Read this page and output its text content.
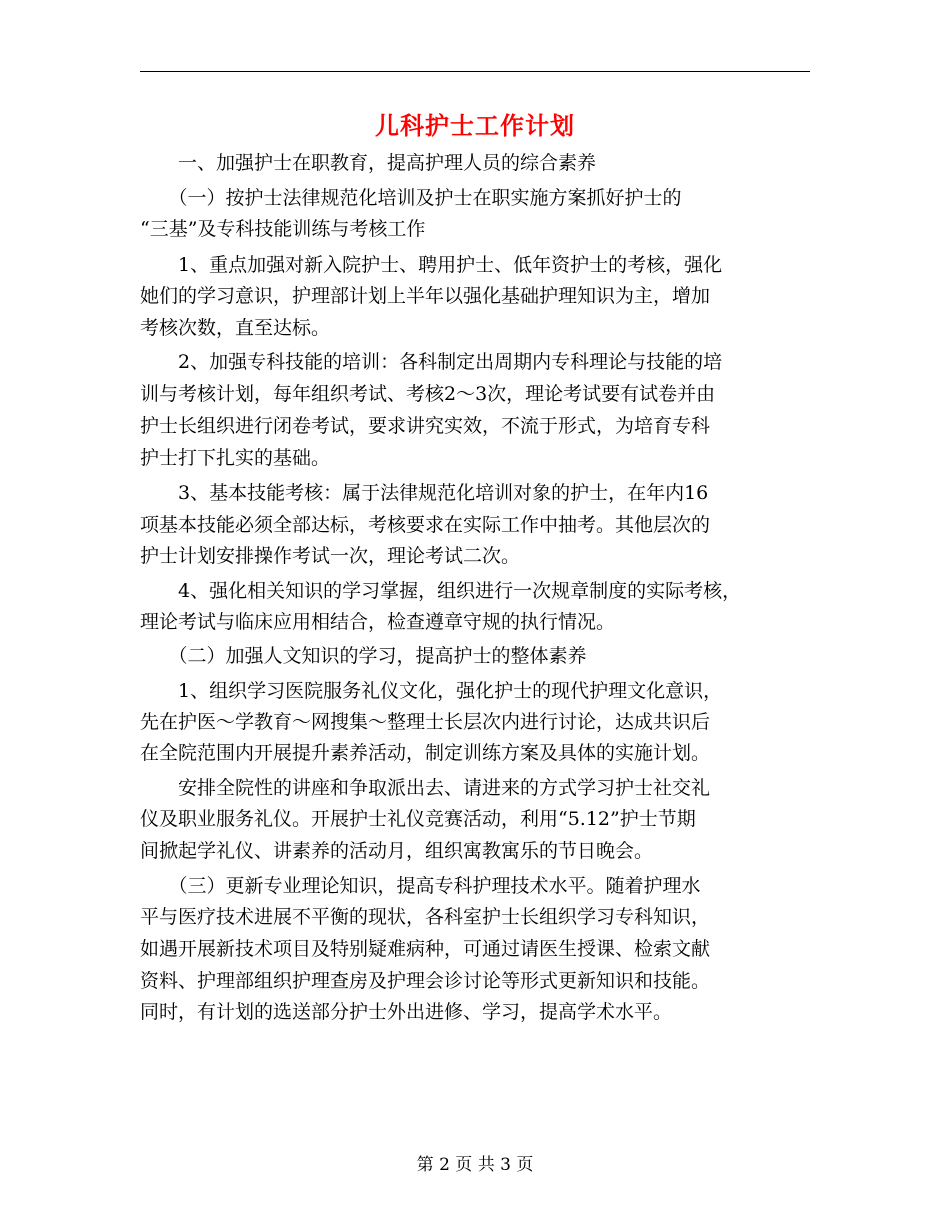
儿科护士工作计划
　　一、加强护士在职教育，提高护理人员的综合素养
　　（一）按护士法律规范化培训及护士在职实施方案抓好护士的
“三基”及专科技能训练与考核工作
　　1、重点加强对新入院护士、聘用护士、低年资护士的考核，强化
她们的学习意识，护理部计划上半年以强化基础护理知识为主，增加
考核次数，直至达标。
　　2、加强专科技能的培训：各科制定出周期内专科理论与技能的培
训与考核计划，每年组织考试、考核2～3次，理论考试要有试卷并由
护士长组织进行闭卷考试，要求讲究实效，不流于形式，为培育专科
护士打下扎实的基础。
　　3、基本技能考核：属于法律规范化培训对象的护士，在年内16
项基本技能必须全部达标，考核要求在实际工作中抽考。其他层次的
护士计划安排操作考试一次，理论考试二次。
　　4、强化相关知识的学习掌握，组织进行一次规章制度的实际考核，
理论考试与临床应用相结合，检查遵章守规的执行情况。
　　（二）加强人文知识的学习，提高护士的整体素养
　　1、组织学习医院服务礼仪文化，强化护士的现代护理文化意识，
先在护医～学教育～网搜集～整理士长层次内进行讨论，达成共识后
在全院范围内开展提升素养活动，制定训练方案及具体的实施计划。
　　安排全院性的讲座和争取派出去、请进来的方式学习护士社交礼
仪及职业服务礼仪。开展护士礼仪竞赛活动，利用“5.12”护士节期
间掀起学礼仪、讲素养的活动月，组织寓教寓乐的节日晚会。
　　（三）更新专业理论知识，提高专科护理技术水平。随着护理水
平与医疗技术进展不平衡的现状，各科室护士长组织学习专科知识，
如遇开展新技术项目及特别疑难病种，可通过请医生授课、检索文献
资料、护理部组织护理查房及护理会诊讨论等形式更新知识和技能。
同时，有计划的选送部分护士外出进修、学习，提高学术水平。
第 2 页 共 3 页
